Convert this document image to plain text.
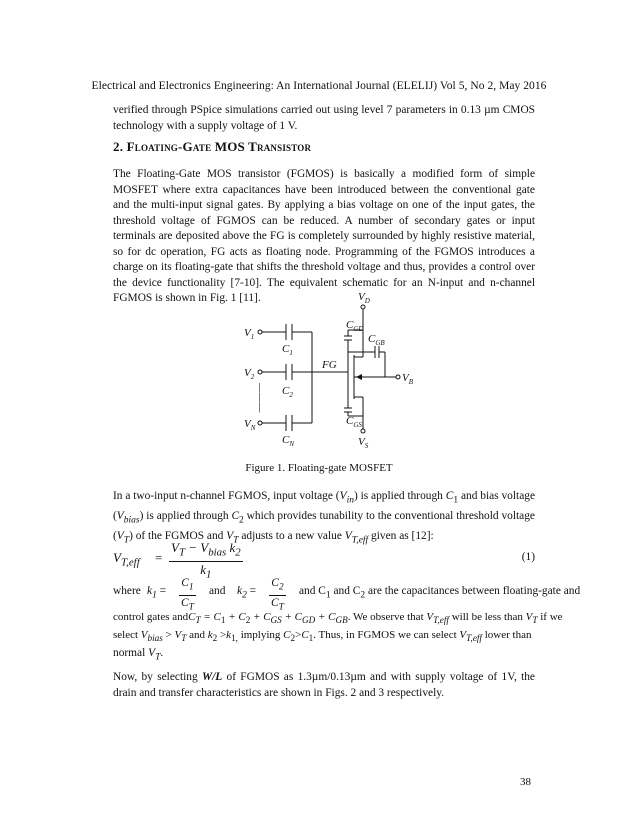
Electrical and Electronics Engineering: An International Journal (ELELIJ) Vol 5, No 2, May 2016

verified through PSpice simulations carried out using level 7 parameters in 0.13 µm CMOS technology with a supply voltage of 1 V.

2. Floating-Gate MOS Transistor

The Floating-Gate MOS transistor (FGMOS) is basically a modified form of simple MOSFET where extra capacitances have been introduced between the conventional gate and the multi-input signal gates. By applying a bias voltage on one of the input gates, the threshold voltage of FGMOS can be reduced. A number of secondary gates or input terminals are deposited above the FG is completely surrounded by highly resistive material, so for dc operation, FG acts as floating node. Programming of the FGMOS introduces a charge on its floating-gate that shifts the threshold voltage and thus, provides a control over the device functionality [7-10]. The equivalent schematic for an N-input and n-channel FGMOS is shown in Fig. 1 [11].	$V_D$
$V_1$
$V_2$
$V_N$
$V_B$
$V_S$
$C_1$
$C_2$
$C_N$
$C_{GD}$
$C_{GB}$
$C_{GS}$
FG
|
|
|
Figure 1. Floating-gate MOSFET

In a two-input n-channel FGMOS, input voltage $(V_{in})$ is applied through $C_1$ and bias voltage $(V_{bias})$ is applied through $C_2$ which provides tunability to the conventional threshold voltage $(V_T)$ of the FGMOS and $V_T$ adjusts to a new value $V_{T,eff}$ given as [12]:

$V_{T,eff}$ =
$V_T - V_{bias}$ $k_2$
$k_1$
(1)
where $k_1 = \frac{C_1}{C_T}$ and $k_2 = \frac{C_2}{C_T}$ and $C_1$ and $C_2$ are the capacitances between floating-gate and
control gates andC$_T$ = $C_1 + C_2 + C_{GS} + C_{GD} + C_{GB}$. We observe that $V_{T,eff}$ will be less than $V_T$ if we
select $V_{bias} > V_T$ and $k_2 >k_{1,}$ implying $C_2>C_1$. Thus, in FGMOS we can select $V_{T,eff}$ lower than
normal $V_T$.

Now, by selecting W/L of FGMOS as 1.3µm/0.13µm and with supply voltage of 1V, the drain and transfer characteristics are shown in Figs. 2 and 3 respectively.

38
